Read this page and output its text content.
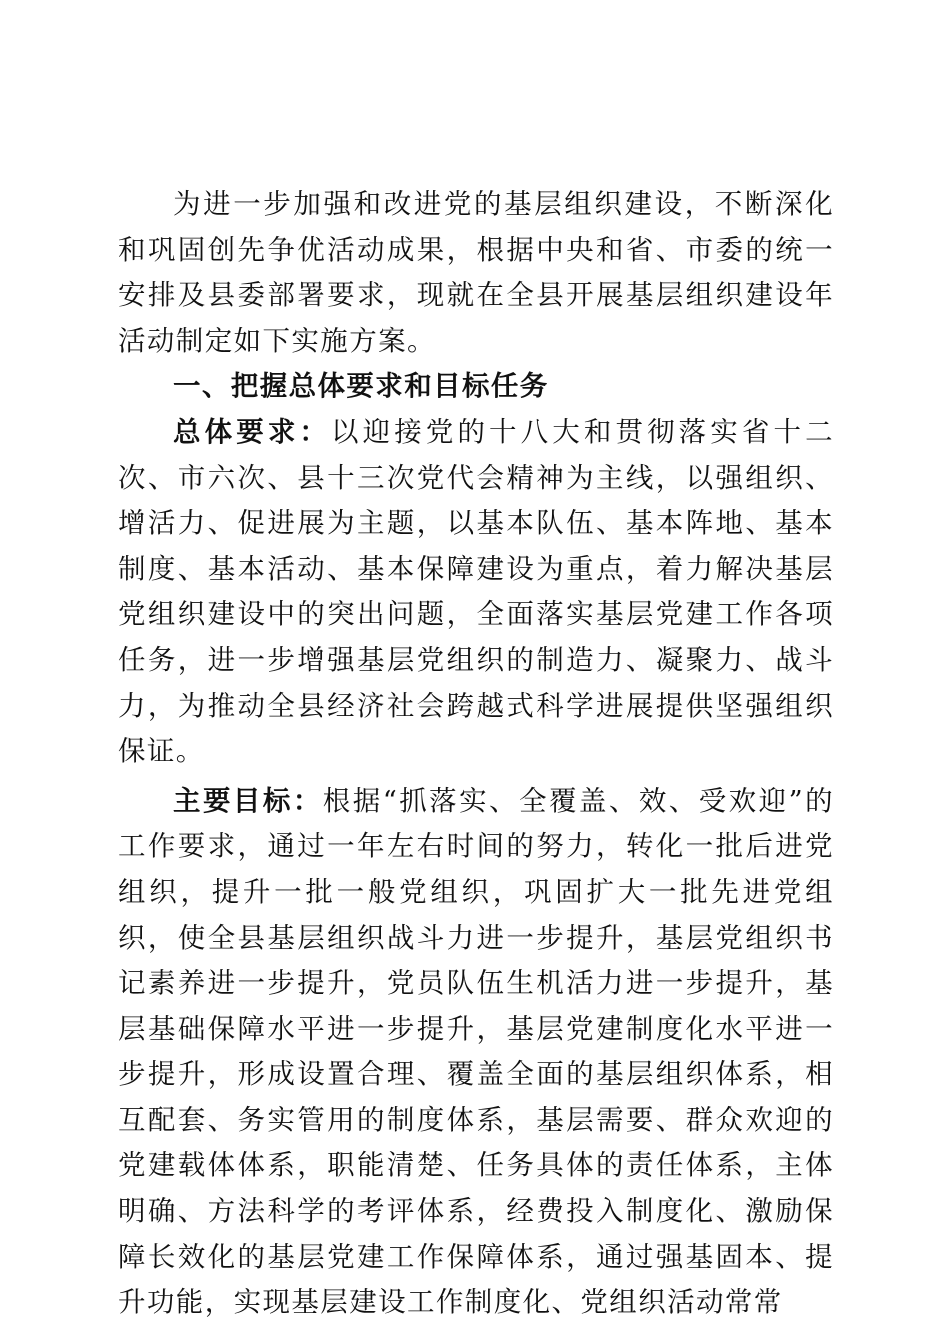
为进一步加强和改进党的基层组织建设，不断深化和巩固创先争优活动成果，根据中央和省、市委的统一安排及县委部署要求，现就在全县开展基层组织建设年活动制定如下实施方案。

一、把握总体要求和目标任务

总体要求：以迎接党的十八大和贯彻落实省十二次、市六次、县十三次党代会精神为主线，以强组织、增活力、促进展为主题，以基本队伍、基本阵地、基本制度、基本活动、基本保障建设为重点，着力解决基层党组织建设中的突出问题，全面落实基层党建工作各项任务，进一步增强基层党组织的制造力、凝聚力、战斗力，为推动全县经济社会跨越式科学进展提供坚强组织保证。

主要目标：根据“抓落实、全覆盖、效、受欢迎”的工作要求，通过一年左右时间的努力，转化一批后进党组织，提升一批一般党组织，巩固扩大一批先进党组织，使全县基层组织战斗力进一步提升，基层党组织书记素养进一步提升，党员队伍生机活力进一步提升，基层基础保障水平进一步提升，基层党建制度化水平进一步提升，形成设置合理、覆盖全面的基层组织体系，相互配套、务实管用的制度体系，基层需要、群众欢迎的党建载体体系，职能清楚、任务具体的责任体系，主体明确、方法科学的考评体系，经费投入制度化、激励保障长效化的基层党建工作保障体系，通过强基固本、提升功能，实现基层建设工作制度化、党组织活动常常
